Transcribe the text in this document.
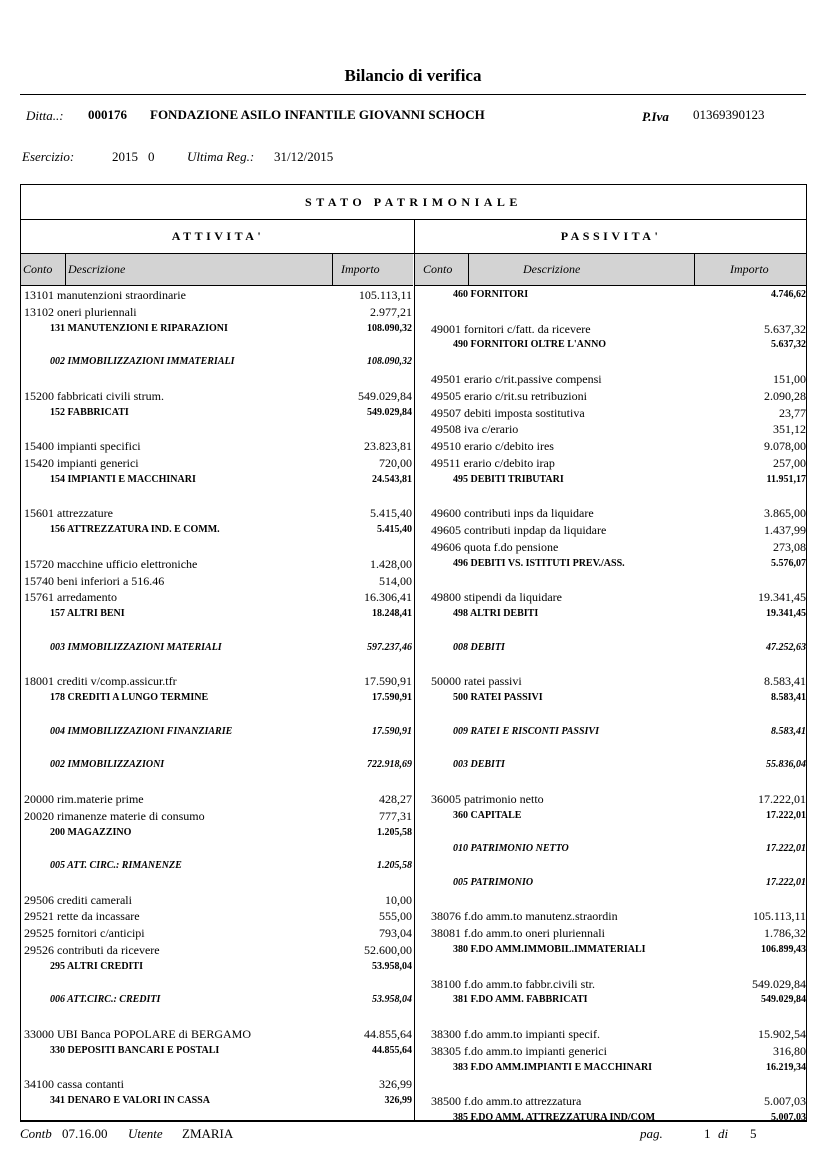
Bilancio di verifica
Ditta..: 000176 FONDAZIONE ASILO INFANTILE GIOVANNI SCHOCH	P.Iva 01369390123
Esercizio:	2015 0	Ultima Reg.: 31/12/2015
STATO PATRIMONIALE
ATTIVITA'	PASSIVITA'
Conto Descrizione	Importo	Conto	Descrizione	Importo
13101 manutenzioni straordinarie	105.113,11
13102 oneri pluriennali	2.977,21
131 MANUTENZIONI E RIPARAZIONI	108.090,32
002 IMMOBILIZZAZIONI IMMATERIALI	108.090,32
15200 fabbricati civili strum.	549.029,84
152 FABBRICATI	549.029,84
15400 impianti specifici	23.823,81
15420 impianti generici	720,00
154 IMPIANTI E MACCHINARI	24.543,81
15601 attrezzature	5.415,40
156 ATTREZZATURA IND. E COMM.	5.415,40
15720 macchine ufficio elettroniche	1.428,00
15740 beni inferiori a 516.46	514,00
15761 arredamento	16.306,41
157 ALTRI BENI	18.248,41
003 IMMOBILIZZAZIONI MATERIALI	597.237,46
18001 crediti v/comp.assicur.tfr	17.590,91
178 CREDITI A LUNGO TERMINE	17.590,91
004 IMMOBILIZZAZIONI FINANZIARIE	17.590,91
002 IMMOBILIZZAZIONI	722.918,69
20000 rim.materie prime	428,27
20020 rimanenze materie di consumo	777,31
200 MAGAZZINO	1.205,58
005 ATT. CIRC.: RIMANENZE	1.205,58
29506 crediti camerali	10,00
29521 rette da incassare	555,00
29525 fornitori c/anticipi	793,04
29526 contributi da ricevere	52.600,00
295 ALTRI CREDITI	53.958,04
006 ATT.CIRC.: CREDITI	53.958,04
33000 UBI Banca POPOLARE di BERGAMO	44.855,64
330 DEPOSITI BANCARI E POSTALI	44.855,64
34100 cassa contanti	326,99
341 DENARO E VALORI IN CASSA	326,99
460 FORNITORI	4.746,62
49001 fornitori c/fatt. da ricevere	5.637,32
490 FORNITORI OLTRE L'ANNO	5.637,32
49501 erario c/rit.passive compensi	151,00
49505 erario c/rit.su retribuzioni	2.090,28
49507 debiti imposta sostitutiva	23,77
49508 iva c/erario	351,12
49510 erario c/debito ires	9.078,00
49511 erario c/debito irap	257,00
495 DEBITI TRIBUTARI	11.951,17
49600 contributi inps da liquidare	3.865,00
49605 contributi inpdap da liquidare	1.437,99
49606 quota f.do pensione	273,08
496 DEBITI VS. ISTITUTI PREV./ASS.	5.576,07
49800 stipendi da liquidare	19.341,45
498 ALTRI DEBITI	19.341,45
008 DEBITI	47.252,63
50000 ratei passivi	8.583,41
500 RATEI PASSIVI	8.583,41
009 RATEI E RISCONTI PASSIVI	8.583,41
003 DEBITI	55.836,04
36005 patrimonio netto	17.222,01
360 CAPITALE	17.222,01
010 PATRIMONIO NETTO	17.222,01
005 PATRIMONIO	17.222,01
38076 f.do amm.to manutenz.straordin	105.113,11
38081 f.do amm.to oneri pluriennali	1.786,32
380 F.DO AMM.IMMOBIL.IMMATERIALI	106.899,43
38100 f.do amm.to fabbr.civili str.	549.029,84
381 F.DO AMM. FABBRICATI	549.029,84
38300 f.do amm.to impianti specif.	15.902,54
38305 f.do amm.to impianti generici	316,80
383 F.DO AMM.IMPIANTI E MACCHINARI	16.219,34
38500 f.do amm.to attrezzatura	5.007,03
385 F.DO AMM. ATTREZZATURA IND/COM	5.007,03
Contb 07.16.00 Utente ZMARIA	pag.	1 di 5
